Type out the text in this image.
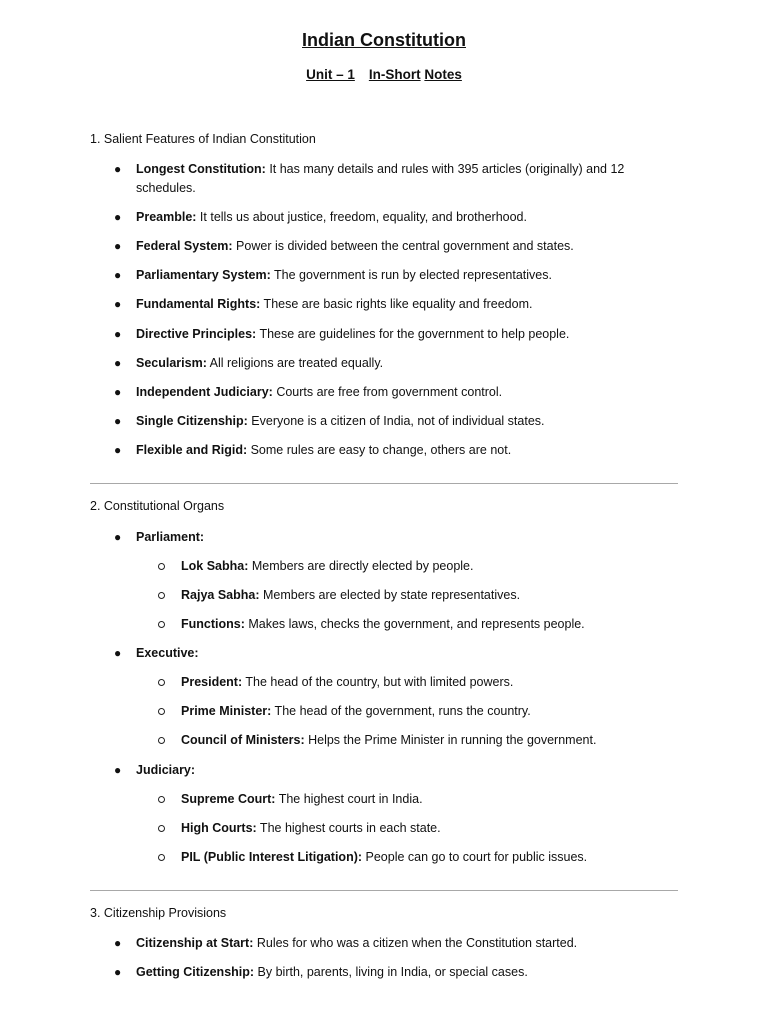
Indian Constitution
Unit – 1 In-Short Notes
1. Salient Features of Indian Constitution
● Longest Constitution: It has many details and rules with 395 articles (originally) and 12 schedules.
● Preamble: It tells us about justice, freedom, equality, and brotherhood.
● Federal System: Power is divided between the central government and states.
● Parliamentary System: The government is run by elected representatives.
● Fundamental Rights: These are basic rights like equality and freedom.
● Directive Principles: These are guidelines for the government to help people.
● Secularism: All religions are treated equally.
● Independent Judiciary: Courts are free from government control.
● Single Citizenship: Everyone is a citizen of India, not of individual states.
● Flexible and Rigid: Some rules are easy to change, others are not.
2. Constitutional Organs
● Parliament:
Lok Sabha: Members are directly elected by people.
Rajya Sabha: Members are elected by state representatives.
Functions: Makes laws, checks the government, and represents people.
● Executive:
President: The head of the country, but with limited powers.
Prime Minister: The head of the government, runs the country.
Council of Ministers: Helps the Prime Minister in running the government.
● Judiciary:
Supreme Court: The highest court in India.
High Courts: The highest courts in each state.
PIL (Public Interest Litigation): People can go to court for public issues.
3. Citizenship Provisions
● Citizenship at Start: Rules for who was a citizen when the Constitution started.
● Getting Citizenship: By birth, parents, living in India, or special cases.
